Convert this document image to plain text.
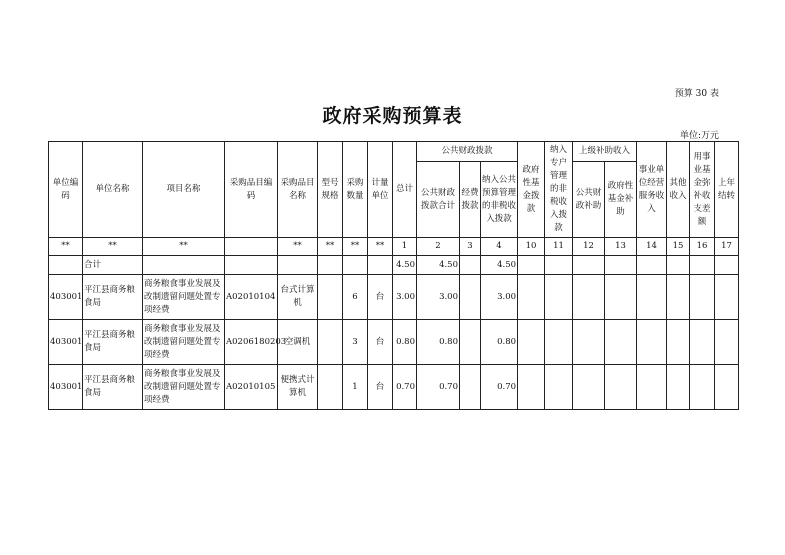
预算 30 表
政府采购预算表
单位:万元
单位编码	单位名称	项目名称	采购品目编码	采购品目名称	型号规格	采购数量	计量单位	总计	公共财政拨款			政府性基金拨款	纳入专户管理的非税收入拨款	上级补助收入		事业单位经营服务收入	其他收入	用事业基金弥补收支差额	上年结转
									公共财政拨款合计	经费拨款	纳入公共预算管理的非税收入拨款			公共财政补助	政府性基金补助				
**	**	**		**	**	**	**	1	2	3	4	10	11	12	13	14	15	16	17
	合计							4.50	4.50		4.50								
403001	平江县商务粮食局	商务粮食事业发展及改制遗留问题处置专项经费	A02010104	台式计算机		6	台	3.00	3.00		3.00								
403001	平江县商务粮食局	商务粮食事业发展及改制遗留问题处置专项经费	A0206180203	空调机		3	台	0.80	0.80		0.80								
403001	平江县商务粮食局	商务粮食事业发展及改制遗留问题处置专项经费	A02010105	便携式计算机		1	台	0.70	0.70		0.70								
